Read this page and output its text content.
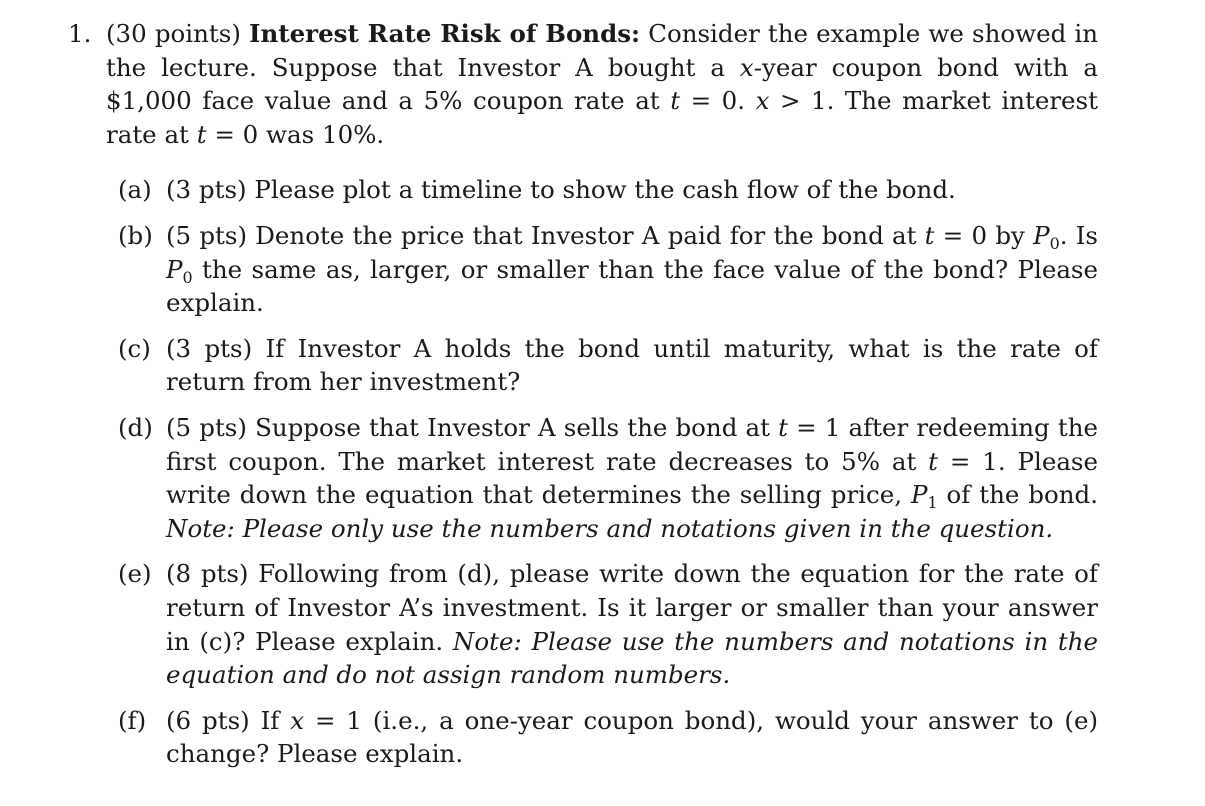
1. (30 points) Interest Rate Risk of Bonds: Consider the example we showed in the lecture. Suppose that Investor A bought a x-year coupon bond with a $1,000 face value and a 5% coupon rate at t = 0. x > 1. The market interest rate at t = 0 was 10%.
(a) (3 pts) Please plot a timeline to show the cash flow of the bond.
(b) (5 pts) Denote the price that Investor A paid for the bond at t = 0 by $P_0$. Is $P_0$ the same as, larger, or smaller than the face value of the bond? Please explain.
(c) (3 pts) If Investor A holds the bond until maturity, what is the rate of return from her investment?
(d) (5 pts) Suppose that Investor A sells the bond at t = 1 after redeeming the first coupon. The market interest rate decreases to 5% at t = 1. Please write down the equation that determines the selling price, $P_1$ of the bond. Note: Please only use the numbers and notations given in the question.
(e) (8 pts) Following from (d), please write down the equation for the rate of return of Investor A’s investment. Is it larger or smaller than your answer in (c)? Please explain. Note: Please use the numbers and notations in the equation and do not assign random numbers.
(f) (6 pts) If x = 1 (i.e., a one-year coupon bond), would your answer to (e) change? Please explain.
